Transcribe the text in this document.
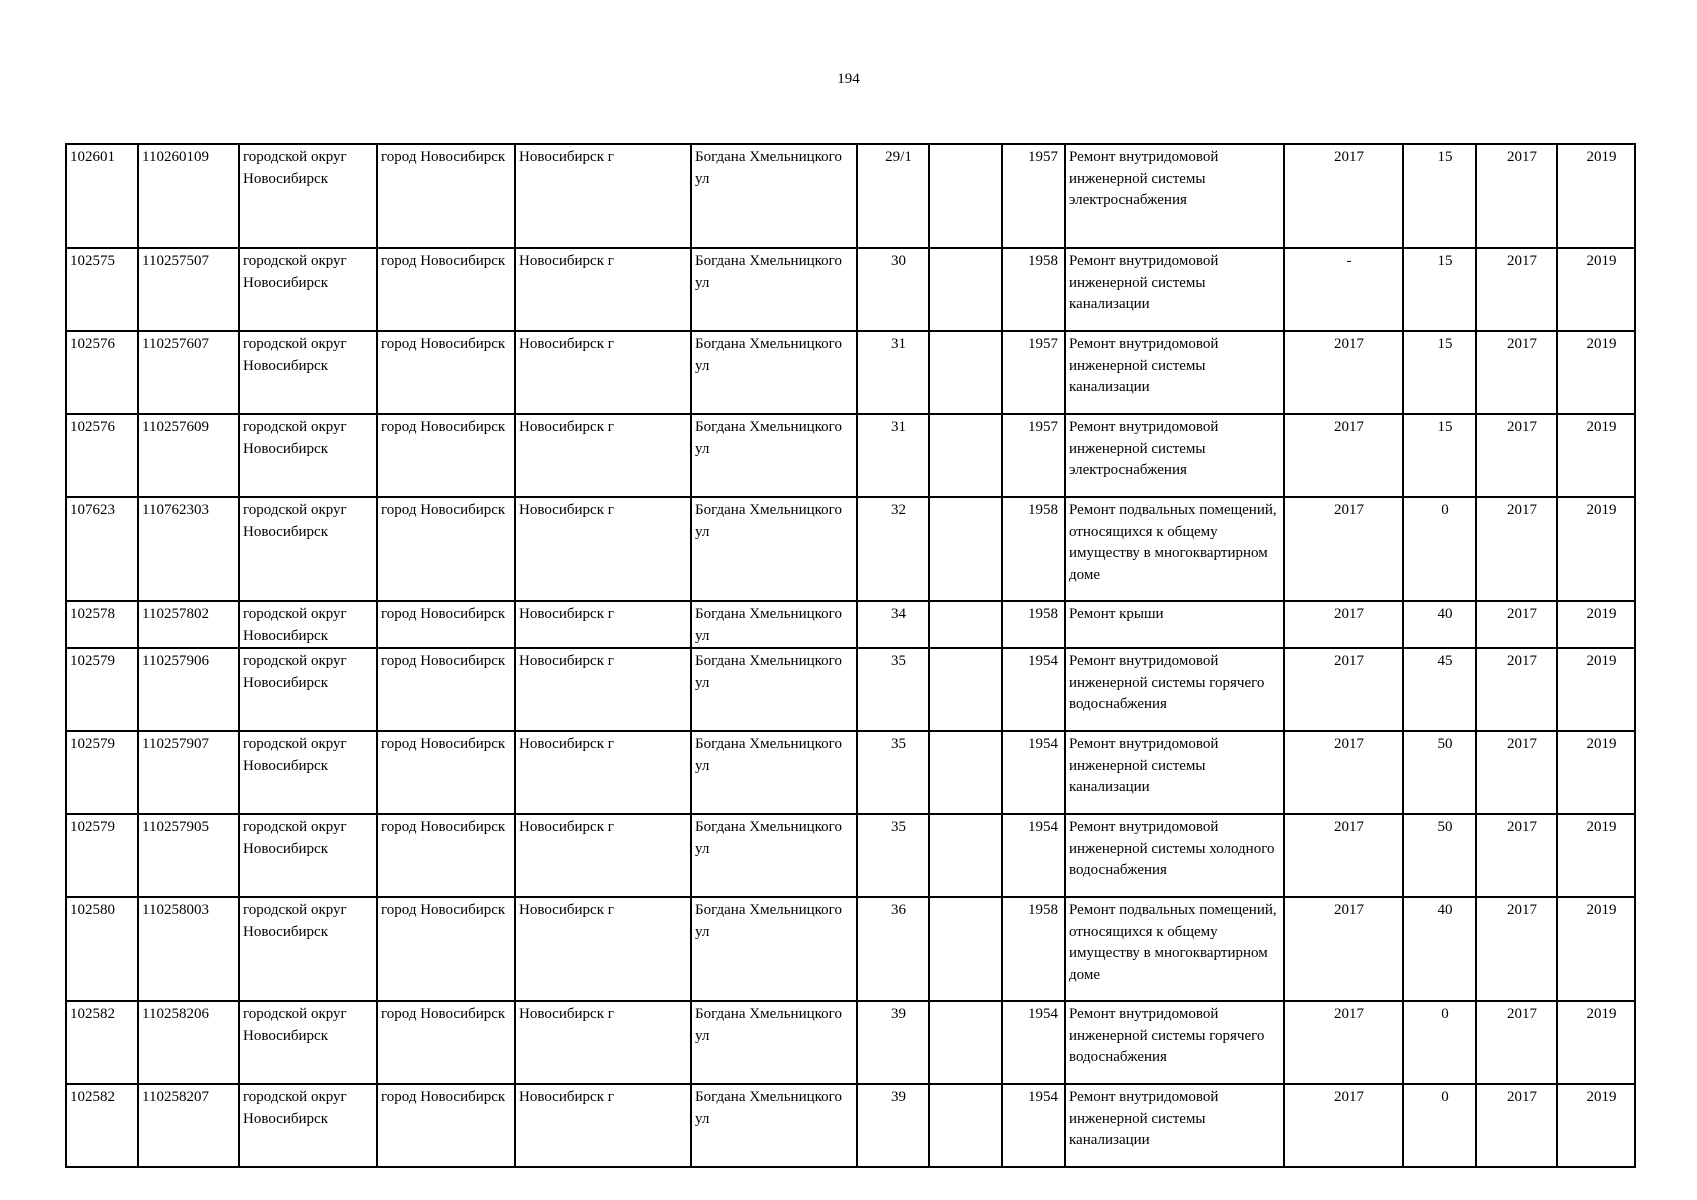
194
102601	110260109	городской округ Новосибирск	город Новосибирск	Новосибирск г	Богдана Хмельницкого ул	29/1		1957	Ремонт внутридомовой инженерной системы электроснабжения	2017	15	2017	2019
102575	110257507	городской округ Новосибирск	город Новосибирск	Новосибирск г	Богдана Хмельницкого ул	30		1958	Ремонт внутридомовой инженерной системы канализации	-	15	2017	2019
102576	110257607	городской округ Новосибирск	город Новосибирск	Новосибирск г	Богдана Хмельницкого ул	31		1957	Ремонт внутридомовой инженерной системы канализации	2017	15	2017	2019
102576	110257609	городской округ Новосибирск	город Новосибирск	Новосибирск г	Богдана Хмельницкого ул	31		1957	Ремонт внутридомовой инженерной системы электроснабжения	2017	15	2017	2019
107623	110762303	городской округ Новосибирск	город Новосибирск	Новосибирск г	Богдана Хмельницкого ул	32		1958	Ремонт подвальных помещений, относящихся к общему имуществу в многоквартирном доме	2017	0	2017	2019
102578	110257802	городской округ Новосибирск	город Новосибирск	Новосибирск г	Богдана Хмельницкого ул	34		1958	Ремонт крыши	2017	40	2017	2019
102579	110257906	городской округ Новосибирск	город Новосибирск	Новосибирск г	Богдана Хмельницкого ул	35		1954	Ремонт внутридомовой инженерной системы горячего водоснабжения	2017	45	2017	2019
102579	110257907	городской округ Новосибирск	город Новосибирск	Новосибирск г	Богдана Хмельницкого ул	35		1954	Ремонт внутридомовой инженерной системы канализации	2017	50	2017	2019
102579	110257905	городской округ Новосибирск	город Новосибирск	Новосибирск г	Богдана Хмельницкого ул	35		1954	Ремонт внутридомовой инженерной системы холодного водоснабжения	2017	50	2017	2019
102580	110258003	городской округ Новосибирск	город Новосибирск	Новосибирск г	Богдана Хмельницкого ул	36		1958	Ремонт подвальных помещений, относящихся к общему имуществу в многоквартирном доме	2017	40	2017	2019
102582	110258206	городской округ Новосибирск	город Новосибирск	Новосибирск г	Богдана Хмельницкого ул	39		1954	Ремонт внутридомовой инженерной системы горячего водоснабжения	2017	0	2017	2019
102582	110258207	городской округ Новосибирск	город Новосибирск	Новосибирск г	Богдана Хмельницкого ул	39		1954	Ремонт внутридомовой инженерной системы канализации	2017	0	2017	2019
